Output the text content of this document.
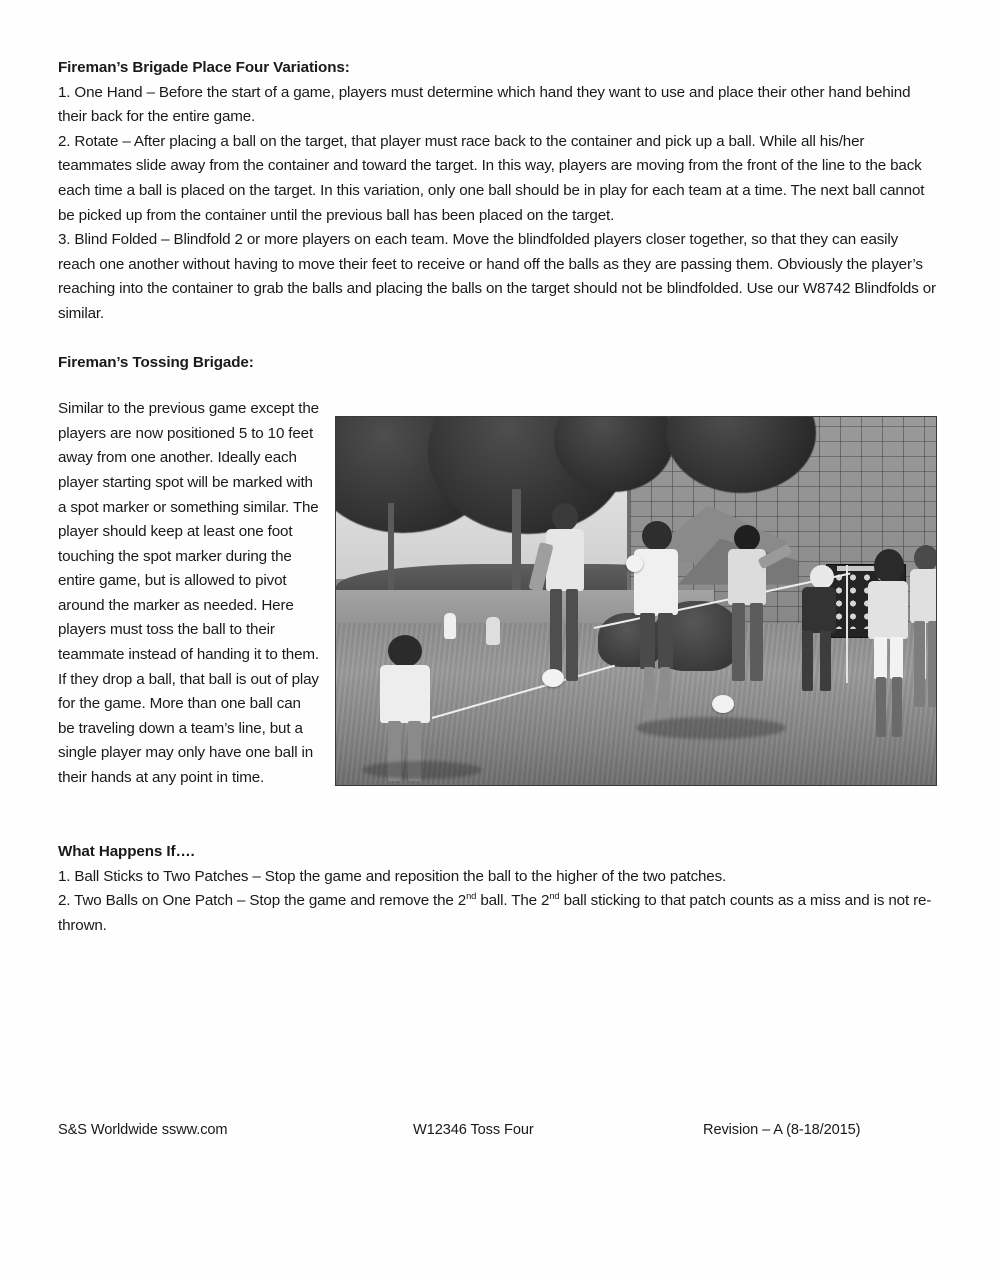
Fireman’s Brigade Place Four Variations:

1. One Hand – Before the start of a game, players must determine which hand they want to use and place their other hand behind their back for the entire game.

2. Rotate – After placing a ball on the target, that player must race back to the container and pick up a ball. While all his/her teammates slide away from the container and toward the target. In this way, players are moving from the front of the line to the back each time a ball is placed on the target. In this variation, only one ball should be in play for each team at a time. The next ball cannot be picked up from the container until the previous ball has been placed on the target.

3. Blind Folded – Blindfold 2 or more players on each team. Move the blindfolded players closer together, so that they can easily reach one another without having to move their feet to receive or hand off the balls as they are passing them. Obviously the player’s reaching into the container to grab the balls and placing the balls on the target should not be blindfolded. Use our W8742 Blindfolds or similar.

Fireman’s Tossing Brigade:

Similar to the previous game except the players are now positioned 5 to 10 feet away from one another. Ideally each player starting spot will be marked with a spot marker or something similar. The player should keep at least one foot touching the spot marker during the entire game, but is allowed to pivot around the marker as needed. Here players must toss the ball to their teammate instead of handing it to them. If they drop a ball, that ball is out of play for the game. More than one ball can be traveling down a team’s line, but a single player may only have one ball in their hands at any point in time.

What Happens If….

1. Ball Sticks to Two Patches – Stop the game and reposition the ball to the higher of the two patches.

2. Two Balls on One Patch – Stop the game and remove the 2nd ball. The 2nd ball sticking to that patch counts as a miss and is not re-thrown.

S&S Worldwide ssww.com	W12346 Toss Four	Revision – A (8-18/2015)
